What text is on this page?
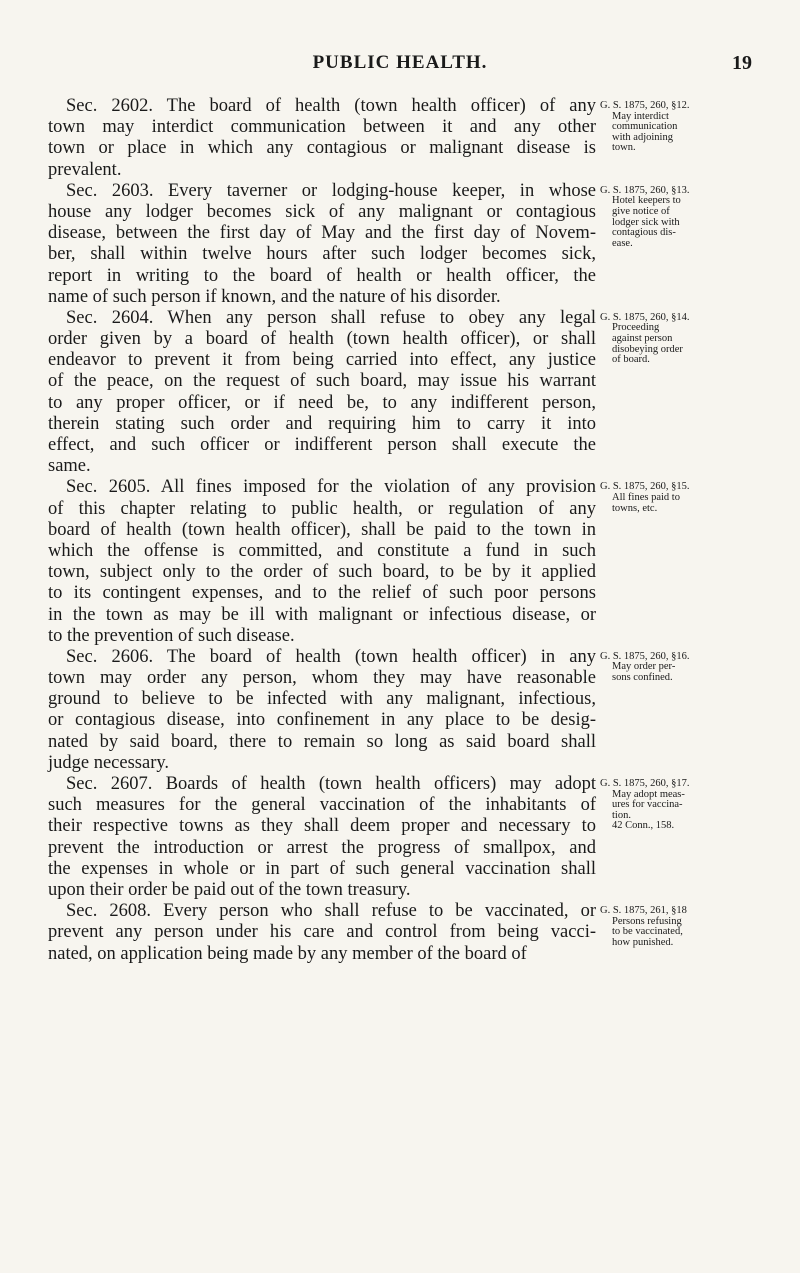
PUBLIC HEALTH.	19
Sec. 2602. The board of health (town health officer) of any
town may interdict communication between it and any other
town or place in which any contagious or malignant disease is
prevalent.
G. S. 1875, 260, §12.
May interdict
communication
with adjoining
town.
Sec. 2603. Every taverner or lodging-house keeper, in whose
house any lodger becomes sick of any malignant or contagious
disease, between the first day of May and the first day of Novem-
ber, shall within twelve hours after such lodger becomes sick,
report in writing to the board of health or health officer, the
name of such person if known, and the nature of his disorder.
G. S. 1875, 260, §13.
Hotel keepers to
give notice of
lodger sick with
contagious dis-
ease.
Sec. 2604. When any person shall refuse to obey any legal
order given by a board of health (town health officer), or shall
endeavor to prevent it from being carried into effect, any justice
of the peace, on the request of such board, may issue his warrant
to any proper officer, or if need be, to any indifferent person,
therein stating such order and requiring him to carry it into
effect, and such officer or indifferent person shall execute the
same.
G. S. 1875, 260, §14.
Proceeding
against person
disobeying order
of board.
Sec. 2605. All fines imposed for the violation of any provision
of this chapter relating to public health, or regulation of any
board of health (town health officer), shall be paid to the town in
which the offense is committed, and constitute a fund in such
town, subject only to the order of such board, to be by it applied
to its contingent expenses, and to the relief of such poor persons
in the town as may be ill with malignant or infectious disease, or
to the prevention of such disease.
G. S. 1875, 260, §15.
All fines paid to
towns, etc.
Sec. 2606. The board of health (town health officer) in any
town may order any person, whom they may have reasonable
ground to believe to be infected with any malignant, infectious,
or contagious disease, into confinement in any place to be desig-
nated by said board, there to remain so long as said board shall
judge necessary.
G. S. 1875, 260, §16.
May order per-
sons confined.
Sec. 2607. Boards of health (town health officers) may adopt
such measures for the general vaccination of the inhabitants of
their respective towns as they shall deem proper and necessary to
prevent the introduction or arrest the progress of smallpox, and
the expenses in whole or in part of such general vaccination shall
upon their order be paid out of the town treasury.
G. S. 1875, 260, §17.
May adopt meas-
ures for vaccina-
tion.
42 Conn., 158.
Sec. 2608. Every person who shall refuse to be vaccinated, or
prevent any person under his care and control from being vacci-
nated, on application being made by any member of the board of
G. S. 1875, 261, §18
Persons refusing
to be vaccinated,
how punished.
